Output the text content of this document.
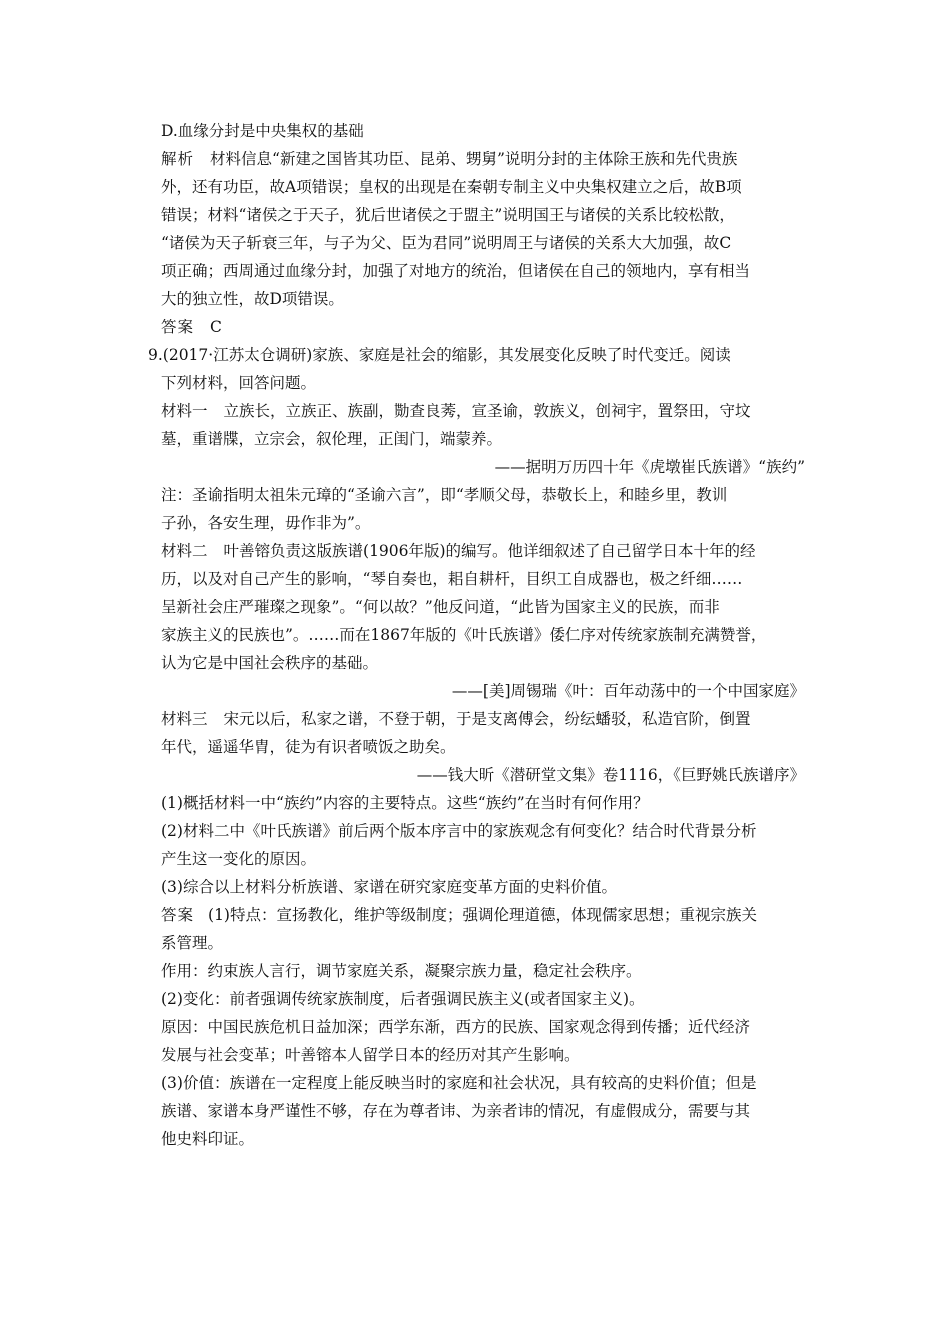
D.血缘分封是中央集权的基础
解析 材料信息“新建之国皆其功臣、昆弟、甥舅”说明分封的主体除王族和先代贵族
外，还有功臣，故A项错误；皇权的出现是在秦朝专制主义中央集权建立之后，故B项
错误；材料“诸侯之于天子，犹后世诸侯之于盟主”说明国王与诸侯的关系比较松散，
“诸侯为天子斩衰三年，与子为父、臣为君同”说明周王与诸侯的关系大大加强，故C
项正确；西周通过血缘分封，加强了对地方的统治，但诸侯在自己的领地内，享有相当
大的独立性，故D项错误。
答案 C
9.(2017·江苏太仓调研)家族、家庭是社会的缩影，其发展变化反映了时代变迁。阅读
下列材料，回答问题。
材料一 立族长，立族正、族副，勚查良莠，宣圣谕，敦族义，创祠宇，置祭田，守坟
墓，重谱牒，立宗会，叙伦理，正闺门，端蒙养。
——据明万历四十年《虎墩崔氏族谱》“族约”
注：圣谕指明太祖朱元璋的“圣谕六言”，即“孝顺父母，恭敬长上，和睦乡里，教训
子孙，各安生理，毋作非为”。
材料二 叶善镕负责这版族谱(1906年版)的编写。他详细叙述了自己留学日本十年的经
历，以及对自己产生的影响，“琴自奏也，耜自耕杆，目织工自成器也，极之纤细……
呈新社会庄严璀璨之现象”。“何以故？”他反问道，“此皆为国家主义的民族，而非
家族主义的民族也”。……而在1867年版的《叶氏族谱》倭仁序对传统家族制充满赞誉，
认为它是中国社会秩序的基础。
——[美]周锡瑞《叶：百年动荡中的一个中国家庭》
材料三 宋元以后，私家之谱，不登于朝，于是支离傅会，纷纭蟠驳，私造官阶，倒置
年代，遥遥华胄，徒为有识者喷饭之助矣。
——钱大昕《潜研堂文集》卷1116，《巨野姚氏族谱序》
(1)概括材料一中“族约”内容的主要特点。这些“族约”在当时有何作用？
(2)材料二中《叶氏族谱》前后两个版本序言中的家族观念有何变化？结合时代背景分析
产生这一变化的原因。
(3)综合以上材料分析族谱、家谱在研究家庭变革方面的史料价值。
答案 (1)特点：宣扬教化，维护等级制度；强调伦理道德，体现儒家思想；重视宗族关
系管理。
作用：约束族人言行，调节家庭关系，凝聚宗族力量，稳定社会秩序。
(2)变化：前者强调传统家族制度，后者强调民族主义(或者国家主义)。
原因：中国民族危机日益加深；西学东渐，西方的民族、国家观念得到传播；近代经济
发展与社会变革；叶善镕本人留学日本的经历对其产生影响。
(3)价值：族谱在一定程度上能反映当时的家庭和社会状况，具有较高的史料价值；但是
族谱、家谱本身严谨性不够，存在为尊者讳、为亲者讳的情况，有虚假成分，需要与其
他史料印证。
